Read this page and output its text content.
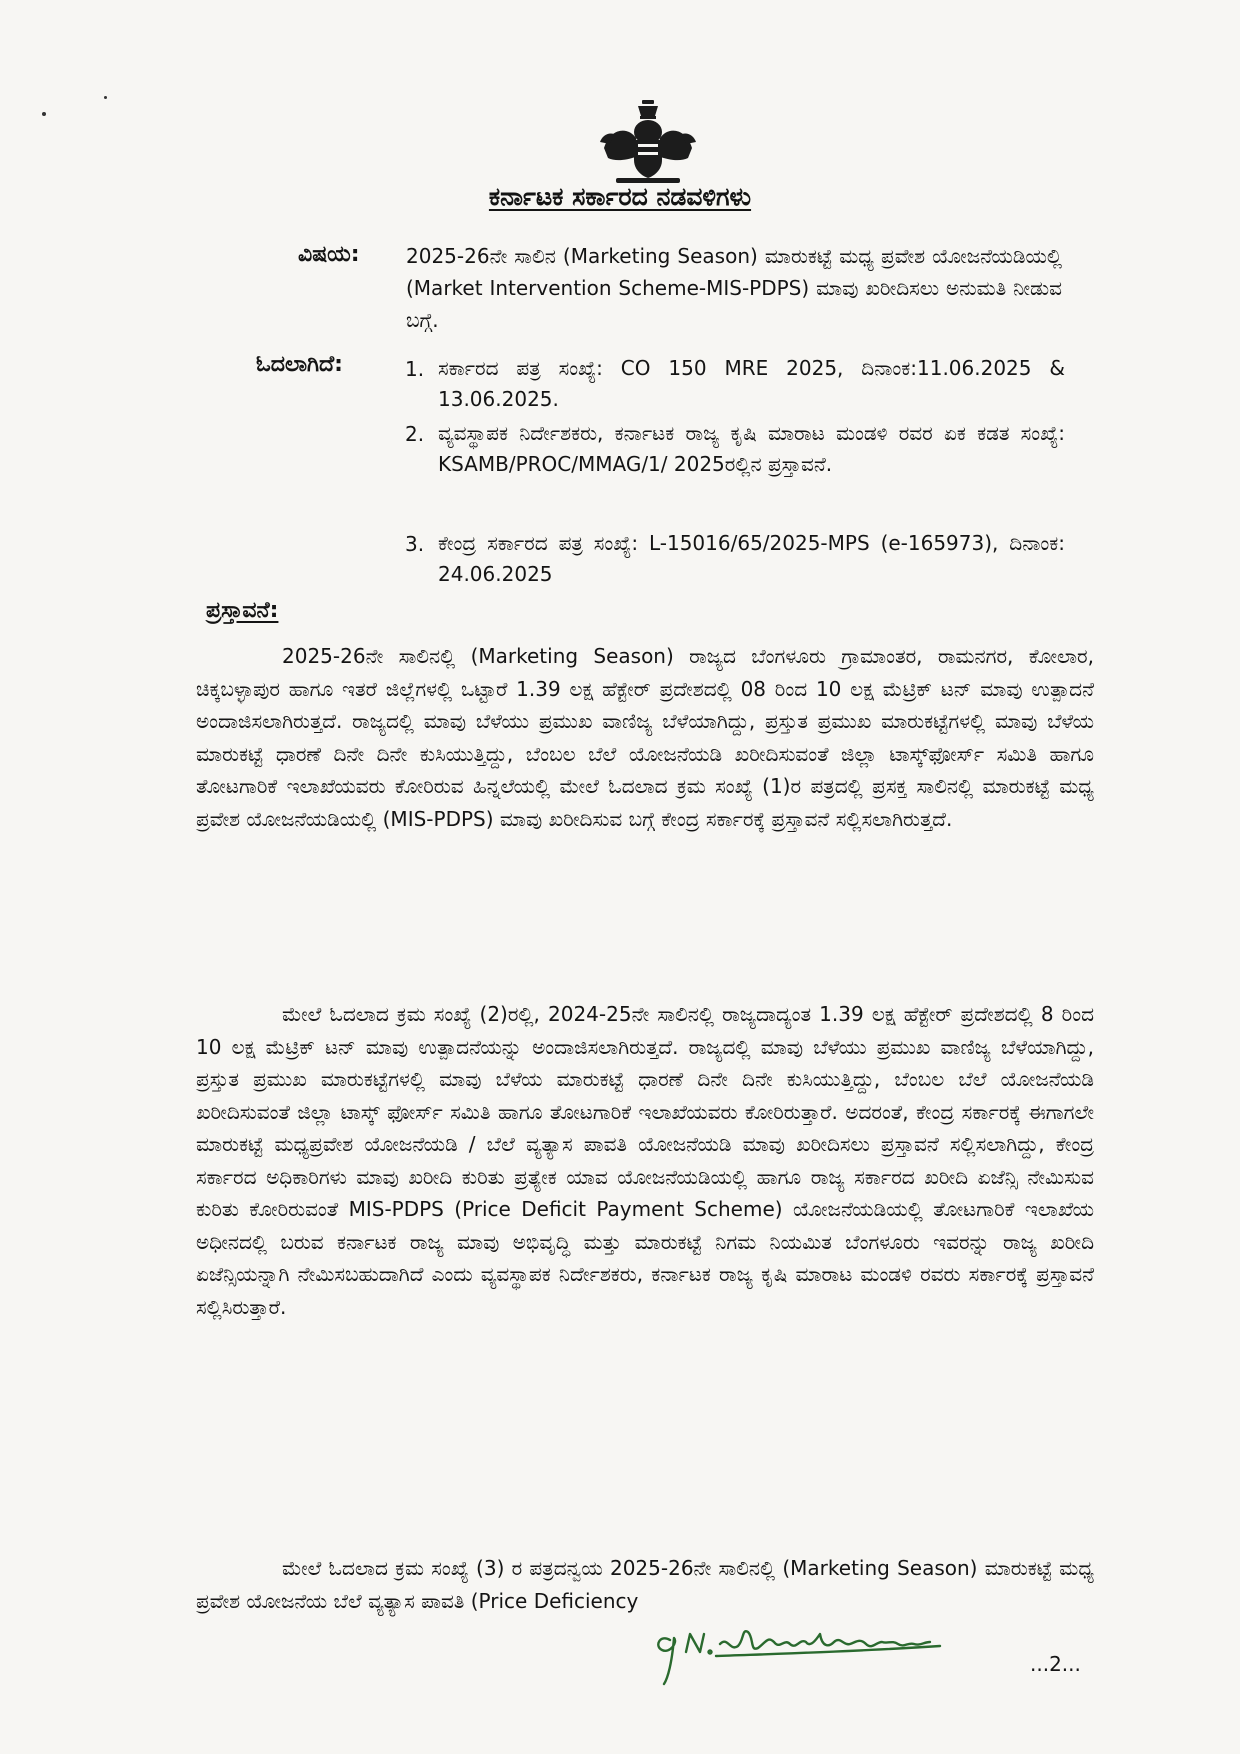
ಕರ್ನಾಟಕ ಸರ್ಕಾರದ ನಡವಳಿಗಳು
ವಿಷಯ: 2025-26ನೇ ಸಾಲಿನ (Marketing Season) ಮಾರುಕಟ್ಟೆ ಮಧ್ಯ ಪ್ರವೇಶ ಯೋಜನೆಯಡಿಯಲ್ಲಿ (Market Intervention Scheme-MIS-PDPS) ಮಾವು ಖರೀದಿಸಲು ಅನುಮತಿ ನೀಡುವ ಬಗ್ಗೆ.
ಓದಲಾಗಿದೆ:	1. ಸರ್ಕಾರದ ಪತ್ರ ಸಂಖ್ಯೆ: CO 150 MRE 2025, ದಿನಾಂಕ:11.06.2025 & 13.06.2025.
2. ವ್ಯವಸ್ಥಾಪಕ ನಿರ್ದೇಶಕರು, ಕರ್ನಾಟಕ ರಾಜ್ಯ ಕೃಷಿ ಮಾರಾಟ ಮಂಡಳಿ ರವರ ಏಕ ಕಡತ ಸಂಖ್ಯೆ: KSAMB/PROC/MMAG/1/ 2025ರಲ್ಲಿನ ಪ್ರಸ್ತಾವನೆ.
3. ಕೇಂದ್ರ ಸರ್ಕಾರದ ಪತ್ರ ಸಂಖ್ಯೆ: L-15016/65/2025-MPS (e-165973), ದಿನಾಂಕ: 24.06.2025
ಪ್ರಸ್ತಾವನೆ:
2025-26ನೇ ಸಾಲಿನಲ್ಲಿ (Marketing Season) ರಾಜ್ಯದ ಬೆಂಗಳೂರು ಗ್ರಾಮಾಂತರ, ರಾಮನಗರ, ಕೋಲಾರ, ಚಿಕ್ಕಬಳ್ಳಾಪುರ ಹಾಗೂ ಇತರೆ ಜಿಲ್ಲೆಗಳಲ್ಲಿ ಒಟ್ಟಾರೆ 1.39 ಲಕ್ಷ ಹೆಕ್ಟೇರ್ ಪ್ರದೇಶದಲ್ಲಿ 08 ರಿಂದ 10 ಲಕ್ಷ ಮೆಟ್ರಿಕ್ ಟನ್ ಮಾವು ಉತ್ಪಾದನೆ ಅಂದಾಜಿಸಲಾಗಿರುತ್ತದೆ. ರಾಜ್ಯದಲ್ಲಿ ಮಾವು ಬೆಳೆಯು ಪ್ರಮುಖ ವಾಣಿಜ್ಯ ಬೆಳೆಯಾಗಿದ್ದು, ಪ್ರಸ್ತುತ ಪ್ರಮುಖ ಮಾರುಕಟ್ಟೆಗಳಲ್ಲಿ ಮಾವು ಬೆಳೆಯ ಮಾರುಕಟ್ಟೆ ಧಾರಣೆ ದಿನೇ ದಿನೇ ಕುಸಿಯುತ್ತಿದ್ದು, ಬೆಂಬಲ ಬೆಲೆ ಯೋಜನೆಯಡಿ ಖರೀದಿಸುವಂತೆ ಜಿಲ್ಲಾ ಟಾಸ್ಕ್‌ಫೋರ್ಸ್ ಸಮಿತಿ ಹಾಗೂ ತೋಟಗಾರಿಕೆ ಇಲಾಖೆಯವರು ಕೋರಿರುವ ಹಿನ್ನಲೆಯಲ್ಲಿ ಮೇಲೆ ಓದಲಾದ ಕ್ರಮ ಸಂಖ್ಯೆ (1)ರ ಪತ್ರದಲ್ಲಿ ಪ್ರಸಕ್ತ ಸಾಲಿನಲ್ಲಿ ಮಾರುಕಟ್ಟೆ ಮಧ್ಯ ಪ್ರವೇಶ ಯೋಜನೆಯಡಿಯಲ್ಲಿ (MIS-PDPS) ಮಾವು ಖರೀದಿಸುವ ಬಗ್ಗೆ ಕೇಂದ್ರ ಸರ್ಕಾರಕ್ಕೆ ಪ್ರಸ್ತಾವನೆ ಸಲ್ಲಿಸಲಾಗಿರುತ್ತದೆ.
ಮೇಲೆ ಓದಲಾದ ಕ್ರಮ ಸಂಖ್ಯೆ (2)ರಲ್ಲಿ, 2024-25ನೇ ಸಾಲಿನಲ್ಲಿ ರಾಜ್ಯದಾದ್ಯಂತ 1.39 ಲಕ್ಷ ಹೆಕ್ಟೇರ್ ಪ್ರದೇಶದಲ್ಲಿ 8 ರಿಂದ 10 ಲಕ್ಷ ಮೆಟ್ರಿಕ್ ಟನ್ ಮಾವು ಉತ್ಪಾದನೆಯನ್ನು ಅಂದಾಜಿಸಲಾಗಿರುತ್ತದೆ. ರಾಜ್ಯದಲ್ಲಿ ಮಾವು ಬೆಳೆಯು ಪ್ರಮುಖ ವಾಣಿಜ್ಯ ಬೆಳೆಯಾಗಿದ್ದು, ಪ್ರಸ್ತುತ ಪ್ರಮುಖ ಮಾರುಕಟ್ಟೆಗಳಲ್ಲಿ ಮಾವು ಬೆಳೆಯ ಮಾರುಕಟ್ಟೆ ಧಾರಣೆ ದಿನೇ ದಿನೇ ಕುಸಿಯುತ್ತಿದ್ದು, ಬೆಂಬಲ ಬೆಲೆ ಯೋಜನೆಯಡಿ ಖರೀದಿಸುವಂತೆ ಜಿಲ್ಲಾ ಟಾಸ್ಕ್ ಫೋರ್ಸ್ ಸಮಿತಿ ಹಾಗೂ ತೋಟಗಾರಿಕೆ ಇಲಾಖೆಯವರು ಕೋರಿರುತ್ತಾರೆ. ಅದರಂತೆ, ಕೇಂದ್ರ ಸರ್ಕಾರಕ್ಕೆ ಈಗಾಗಲೇ ಮಾರುಕಟ್ಟೆ ಮಧ್ಯಪ್ರವೇಶ ಯೋಜನೆಯಡಿ / ಬೆಲೆ ವ್ಯತ್ಯಾಸ ಪಾವತಿ ಯೋಜನೆಯಡಿ ಮಾವು ಖರೀದಿಸಲು ಪ್ರಸ್ತಾವನೆ ಸಲ್ಲಿಸಲಾಗಿದ್ದು, ಕೇಂದ್ರ ಸರ್ಕಾರದ ಅಧಿಕಾರಿಗಳು ಮಾವು ಖರೀದಿ ಕುರಿತು ಪ್ರತ್ಯೇಕ ಯಾವ ಯೋಜನೆಯಡಿಯಲ್ಲಿ ಹಾಗೂ ರಾಜ್ಯ ಸರ್ಕಾರದ ಖರೀದಿ ಏಜೆನ್ಸಿ ನೇಮಿಸುವ ಕುರಿತು ಕೋರಿರುವಂತೆ MIS-PDPS (Price Deficit Payment Scheme) ಯೋಜನೆಯಡಿಯಲ್ಲಿ ತೋಟಗಾರಿಕೆ ಇಲಾಖೆಯ ಅಧೀನದಲ್ಲಿ ಬರುವ ಕರ್ನಾಟಕ ರಾಜ್ಯ ಮಾವು ಅಭಿವೃದ್ಧಿ ಮತ್ತು ಮಾರುಕಟ್ಟೆ ನಿಗಮ ನಿಯಮಿತ ಬೆಂಗಳೂರು ಇವರನ್ನು ರಾಜ್ಯ ಖರೀದಿ ಏಜೆನ್ಸಿಯನ್ನಾಗಿ ನೇಮಿಸಬಹುದಾಗಿದೆ ಎಂದು ವ್ಯವಸ್ಥಾಪಕ ನಿರ್ದೇಶಕರು, ಕರ್ನಾಟಕ ರಾಜ್ಯ ಕೃಷಿ ಮಾರಾಟ ಮಂಡಳಿ ರವರು ಸರ್ಕಾರಕ್ಕೆ ಪ್ರಸ್ತಾವನೆ ಸಲ್ಲಿಸಿರುತ್ತಾರೆ.
ಮೇಲೆ ಓದಲಾದ ಕ್ರಮ ಸಂಖ್ಯೆ (3) ರ ಪತ್ರದನ್ವಯ 2025-26ನೇ ಸಾಲಿನಲ್ಲಿ (Marketing Season) ಮಾರುಕಟ್ಟೆ ಮಧ್ಯ ಪ್ರವೇಶ ಯೋಜನೆಯ ಬೆಲೆ ವ್ಯತ್ಯಾಸ ಪಾವತಿ (Price Deficiency
...2...
